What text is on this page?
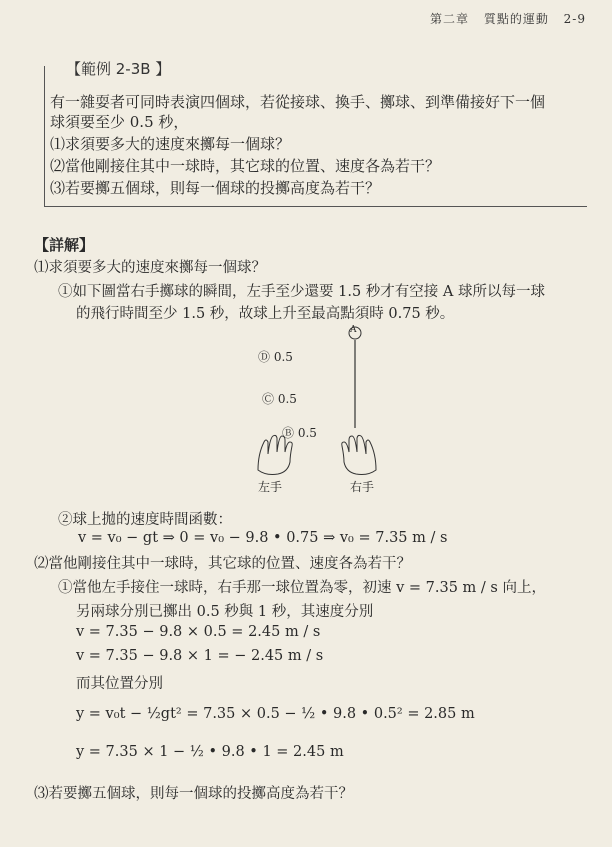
第二章 質點的運動 2-9
【範例 2-3B 】
有一雜耍者可同時表演四個球，若從接球、換手、擲球、到準備接好下一個
球須要至少 0.5 秒，
⑴求須要多大的速度來擲每一個球？
⑵當他剛接住其中一球時，其它球的位置、速度各為若干？
⑶若要擲五個球，則每一個球的投擲高度為若干？
【詳解】
⑴求須要多大的速度來擲每一個球？
①如下圖當右手擲球的瞬間，左手至少還要 1.5 秒才有空接 A 球所以每一球
的飛行時間至少 1.5 秒，故球上升至最高點須時 0.75 秒。
A
Ⓓ 0.5
Ⓒ 0.5
Ⓑ 0.5
左手	右手
②球上拋的速度時間函數：
v = v₀ − gt ⇒ 0 = v₀ − 9.8 • 0.75 ⇒ v₀ = 7.35 m / s
⑵當他剛接住其中一球時，其它球的位置、速度各為若干？
①當他左手接住一球時，右手那一球位置為零，初速 v = 7.35 m / s 向上，
另兩球分別已擲出 0.5 秒與 1 秒，其速度分別
v = 7.35 − 9.8 × 0.5 = 2.45 m / s
v = 7.35 − 9.8 × 1 = − 2.45 m / s
而其位置分別
y = v₀t − ½gt² = 7.35 × 0.5 − ½ • 9.8 • 0.5² = 2.85 m
y = 7.35 × 1 − ½ • 9.8 • 1 = 2.45 m
⑶若要擲五個球，則每一個球的投擲高度為若干？
